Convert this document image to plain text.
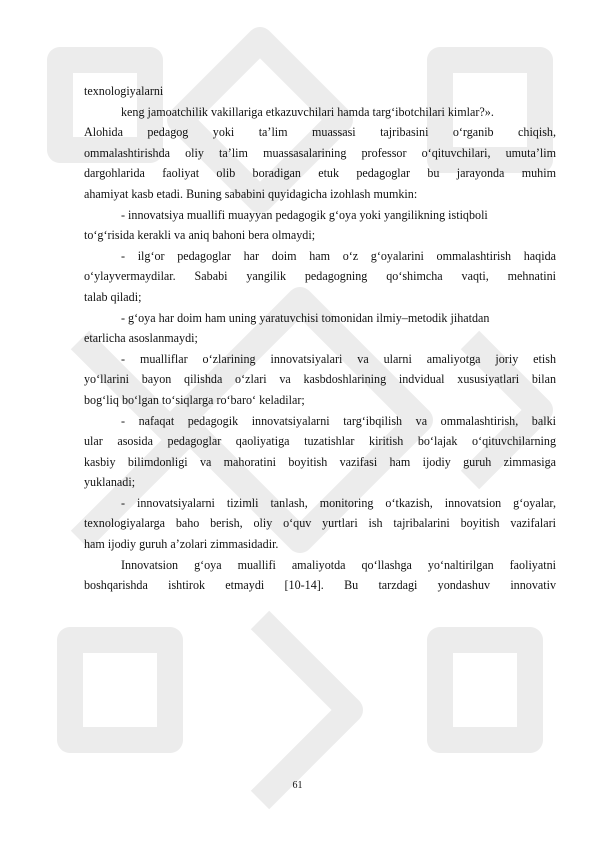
texnologiyalarni
keng jamoatchilik vakillariga etkazuvchilari hamda targ‘ibotchilari kimlar?».
Alohida pedagog yoki ta’lim muassasi tajribasini o‘rganib chiqish,
ommalashtirishda oliy ta’lim muassasalarining professor o‘qituvchilari, umuta’lim
dargohlarida faoliyat olib boradigan etuk pedagoglar bu jarayonda muhim
ahamiyat kasb etadi. Buning sababini quyidagicha izohlash mumkin:
- innovatsiya muallifi muayyan pedagogik g‘oya yoki yangilikning istiqboli
to‘g‘risida kerakli va aniq bahoni bera olmaydi;
- ilg‘or pedagoglar har doim ham o‘z g‘oyalarini ommalashtirish haqida
o‘ylayvermaydilar. Sababi yangilik pedagogning qo‘shimcha vaqti, mehnatini
talab qiladi;
- g‘oya har doim ham uning yaratuvchisi tomonidan ilmiy–metodik jihatdan
etarlicha asoslanmaydi;
- mualliflar o‘zlarining innovatsiyalari va ularni amaliyotga joriy etish
yo‘llarini bayon qilishda o‘zlari va kasbdoshlarining indvidual xususiyatlari bilan
bog‘liq bo‘lgan to‘siqlarga ro‘baro‘ keladilar;
- nafaqat pedagogik innovatsiyalarni targ‘ibqilish va ommalashtirish, balki
ular asosida pedagoglar qaoliyatiga tuzatishlar kiritish bo‘lajak o‘qituvchilarning
kasbiy bilimdonligi va mahoratini boyitish vazifasi ham ijodiy guruh zimmasiga
yuklanadi;
- innovatsiyalarni tizimli tanlash, monitoring o‘tkazish, innovatsion g‘oyalar,
texnologiyalarga baho berish, oliy o‘quv yurtlari ish tajribalarini boyitish vazifalari
ham ijodiy guruh a’zolari zimmasidadir.
Innovatsion g‘oya muallifi amaliyotda qo‘llashga yo‘naltirilgan faoliyatni
boshqarishda ishtirok etmaydi [10-14]. Bu tarzdagi yondashuv innovativ
61
